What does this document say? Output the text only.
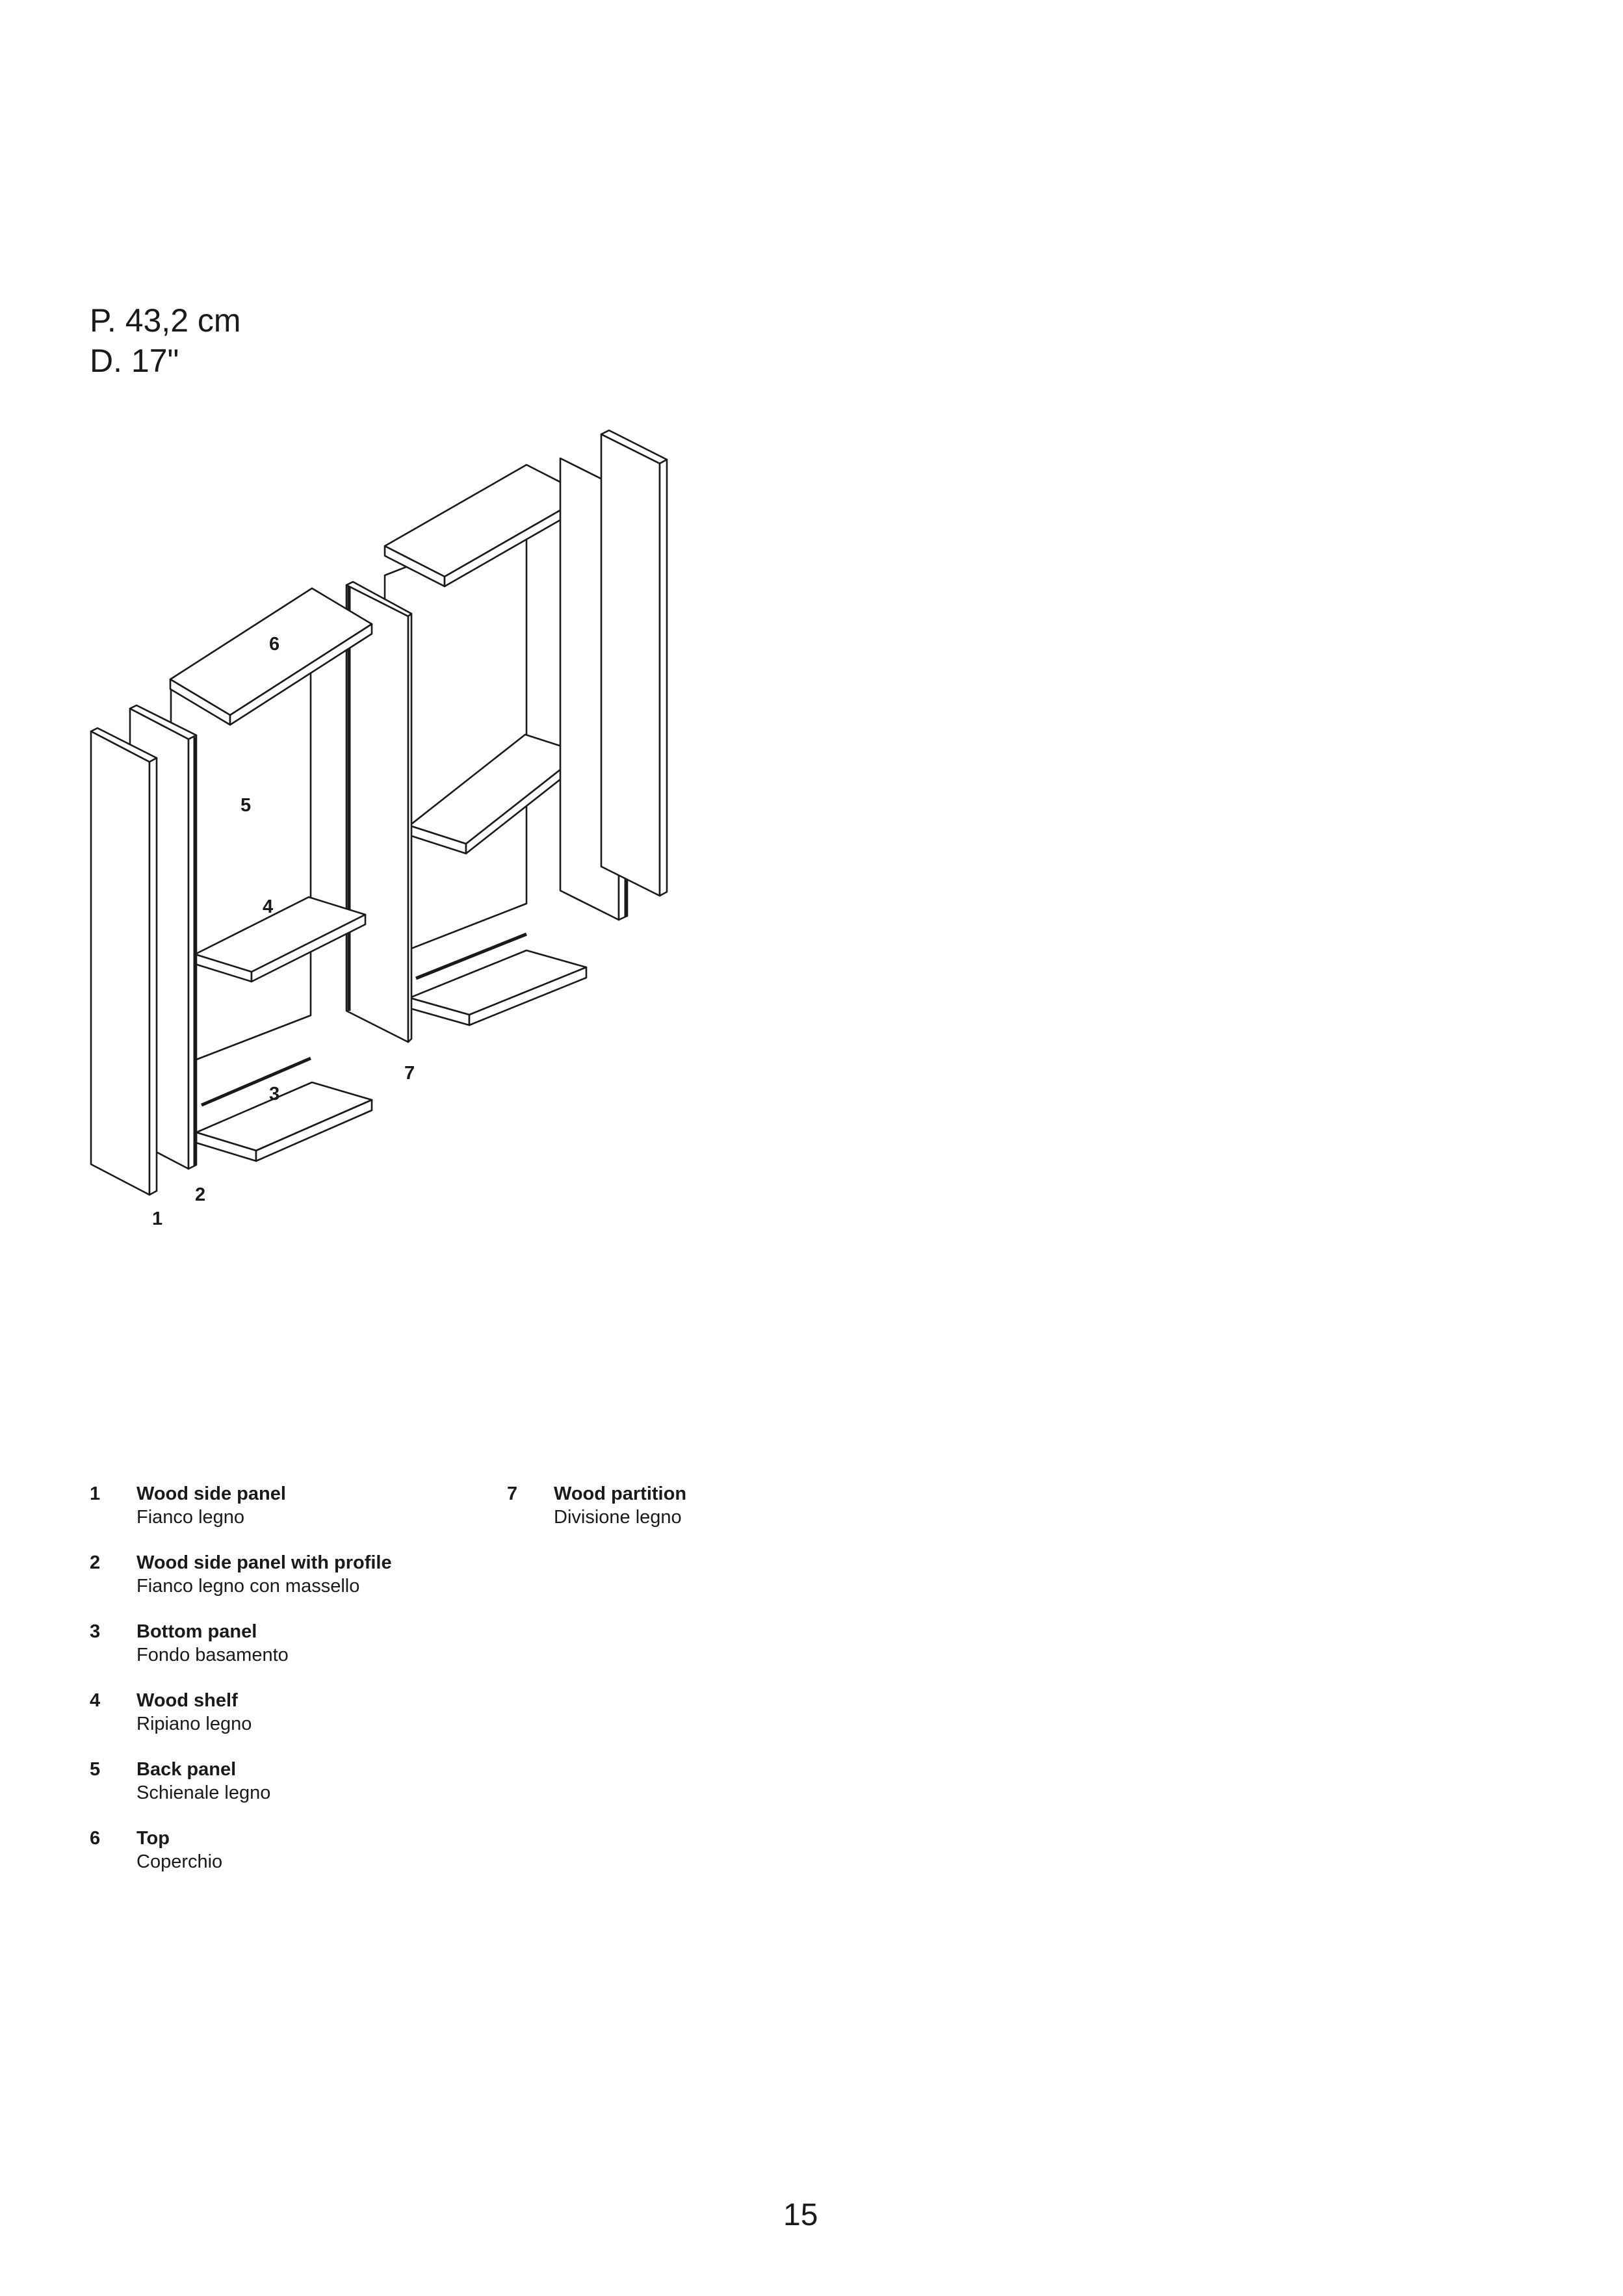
P. 43,2 cm
D. 17"
6
5
4
3
7
2
1
1 Wood side panel
Fianco legno
2 Wood side panel with profile
Fianco legno con massello
3 Bottom panel
Fondo basamento
4 Wood shelf
Ripiano legno
5 Back panel
Schienale legno
6 Top
Coperchio
7 Wood partition
Divisione legno
15
